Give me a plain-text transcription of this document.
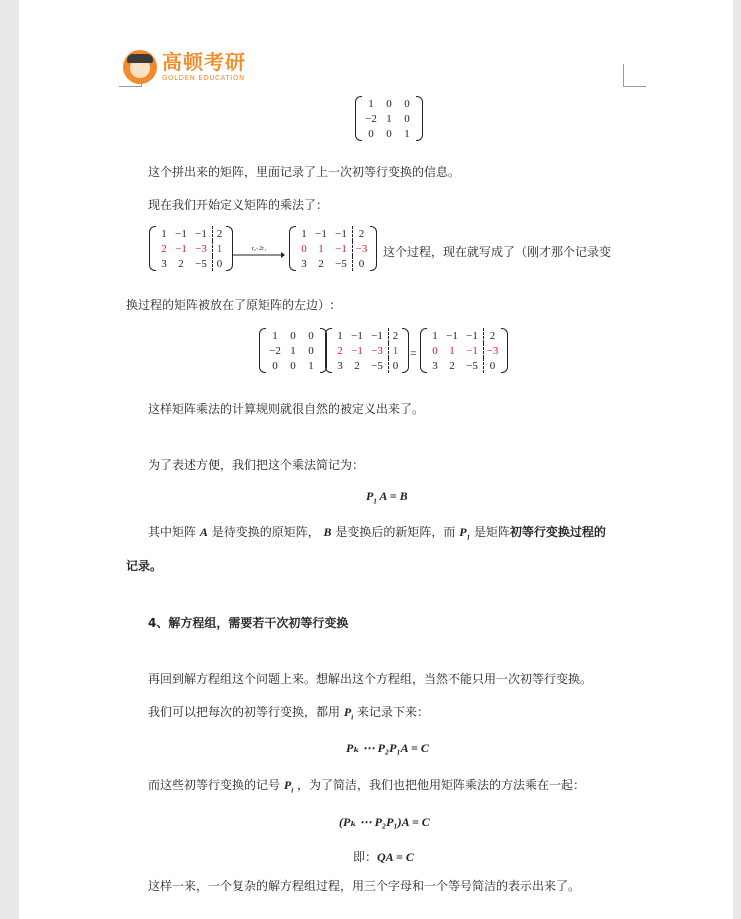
高顿考研
GOLDEN EDUCATION
1	0	0
−2 1	0
0	0	1
这个拼出来的矩阵，里面记录了上一次初等行变换的信息。
现在我们开始定义矩阵的乘法了：
1 −1 −1 2
2 −1 −3 1
3	2	−5 0
r₂−2r₁
1 −1 −1	2
0	1	−1 −3
3	2	−5	0
这个过程，现在就写成了（刚才那个记录变
换过程的矩阵被放在了原矩阵的左边）:
1	0	0
−2 1	0
0	0	1
1 −1 −1 2
2 −1 −3 1
3	2	−5 0
=
1 −1 −1	2
0	1	−1 −3
3	2	−5	0
这样矩阵乘法的计算规则就很自然的被定义出来了。
为了表述方便，我们把这个乘法简记为：
$P_1$ A = B
其中矩阵 A 是待变换的原矩阵， B 是变换后的新矩阵，而 $P_1$ 是矩阵初等行变换过程的
记录。
4、解方程组，需要若干次初等行变换
再回到解方程组这个问题上来。想解出这个方程组，当然不能只用一次初等行变换。
我们可以把每次的初等行变换，都用 $P_i$ 来记录下来：
Pₖ ⋯ P₂P₁A = C
而这些初等行变换的记号 $P_i$ ，为了简洁，我们也把他用矩阵乘法的方法乘在一起：
(Pₖ ⋯ P₂P₁)A = C
即：QA = C
这样一来，一个复杂的解方程组过程，用三个字母和一个等号简洁的表示出来了。
